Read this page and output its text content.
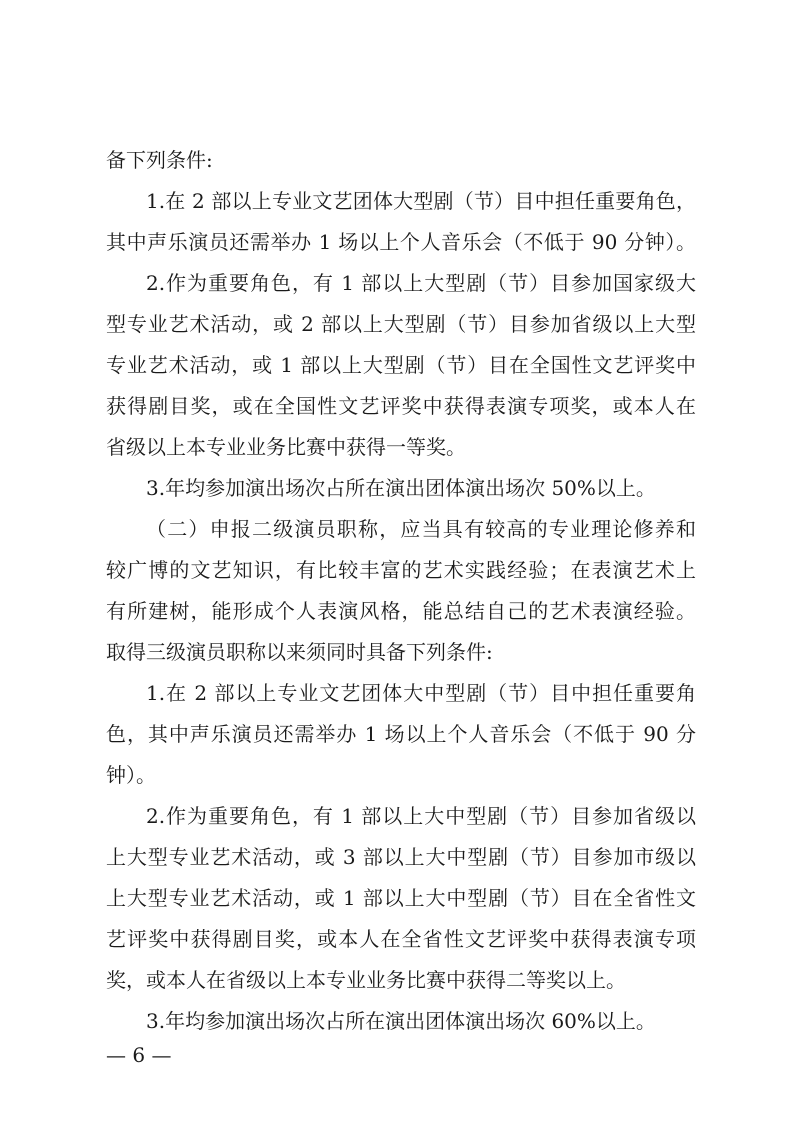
备下列条件:
1.在 2 部以上专业文艺团体大型剧（节）目中担任重要角色，
其中声乐演员还需举办 1 场以上个人音乐会（不低于 90 分钟）。
2.作为重要角色，有 1 部以上大型剧（节）目参加国家级大
型专业艺术活动，或 2 部以上大型剧（节）目参加省级以上大型
专业艺术活动，或 1 部以上大型剧（节）目在全国性文艺评奖中
获得剧目奖，或在全国性文艺评奖中获得表演专项奖，或本人在
省级以上本专业业务比赛中获得一等奖。
3.年均参加演出场次占所在演出团体演出场次 50%以上。
（二）申报二级演员职称，应当具有较高的专业理论修养和
较广博的文艺知识，有比较丰富的艺术实践经验；在表演艺术上
有所建树，能形成个人表演风格，能总结自己的艺术表演经验。
取得三级演员职称以来须同时具备下列条件:
1.在 2 部以上专业文艺团体大中型剧（节）目中担任重要角
色，其中声乐演员还需举办 1 场以上个人音乐会（不低于 90 分
钟）。
2.作为重要角色，有 1 部以上大中型剧（节）目参加省级以
上大型专业艺术活动，或 3 部以上大中型剧（节）目参加市级以
上大型专业艺术活动，或 1 部以上大中型剧（节）目在全省性文
艺评奖中获得剧目奖，或本人在全省性文艺评奖中获得表演专项
奖，或本人在省级以上本专业业务比赛中获得二等奖以上。
3.年均参加演出场次占所在演出团体演出场次 60%以上。
— 6 —
